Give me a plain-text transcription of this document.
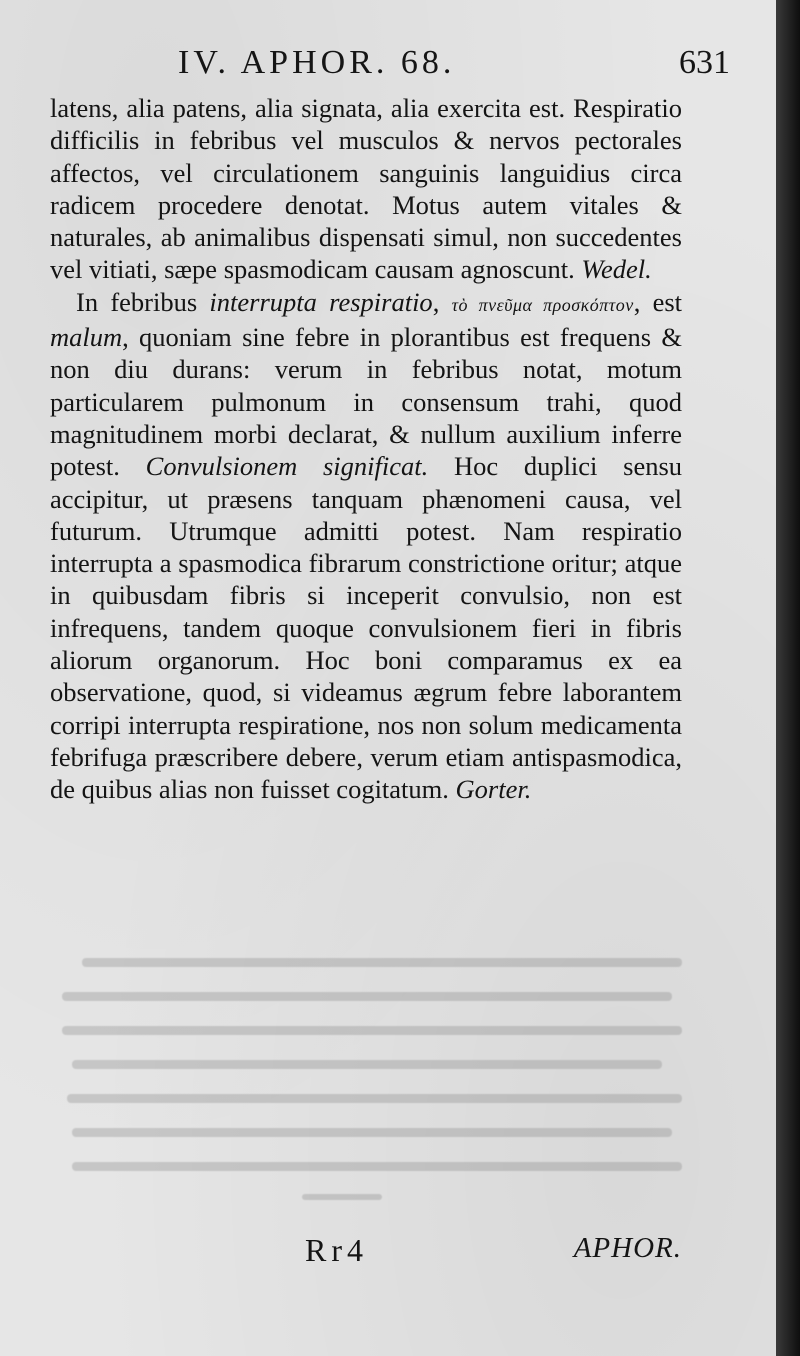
IV. APHOR. 68.	631

latens, alia patens, alia signata, alia exercita est. Respiratio difficilis in febribus vel musculos & nervos pectorales affectos, vel circulationem sanguinis languidius circa radicem procedere denotat. Motus autem vitales & naturales, ab animalibus dispensati simul, non succedentes vel vitiati, sæpe spasmodicam causam agnoscunt. Wedel.

In febribus interrupta respiratio, τὸ πνεῦμα προσκόπτον, est malum, quoniam sine febre in plorantibus est frequens & non diu durans: verum in febribus notat, motum particularem pulmonum in consensum trahi, quod magnitudinem morbi declarat, & nullum auxilium inferre potest. Convulsionem significat. Hoc duplici sensu accipitur, ut præsens tanquam phænomeni causa, vel futurum. Utrumque admitti potest. Nam respiratio interrupta a spasmodica fibrarum constrictione oritur; atque in quibusdam fibris si inceperit convulsio, non est infrequens, tandem quoque convulsionem fieri in fibris aliorum organorum. Hoc boni comparamus ex ea observatione, quod, si videamus ægrum febre laborantem corripi interrupta respiratione, nos non solum medicamenta febrifuga præscribere debere, verum etiam antispasmodica, de quibus alias non fuisset cogitatum. Gorter.

Rr4	APHOR.
